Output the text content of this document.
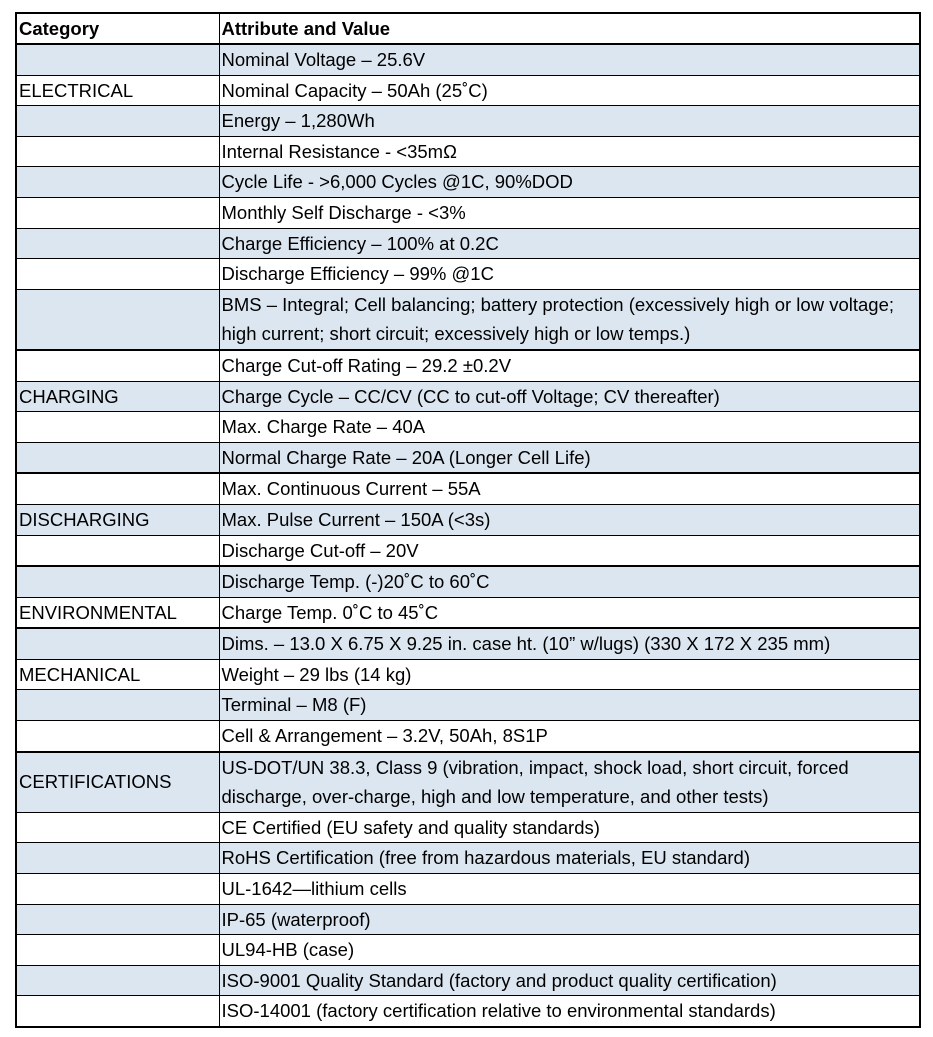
Category	Attribute and Value
	Nominal Voltage – 25.6V
ELECTRICAL	Nominal Capacity – 50Ah (25˚C)
	Energy – 1,280Wh
	Internal Resistance - <35mΩ
	Cycle Life - >6,000 Cycles @1C, 90%DOD
	Monthly Self Discharge - <3%
	Charge Efficiency – 100% at 0.2C
	Discharge Efficiency – 99% @1C
	BMS – Integral; Cell balancing; battery protection (excessively high or low voltage; high current; short circuit; excessively high or low temps.)
	Charge Cut-off Rating – 29.2 ±0.2V
CHARGING	Charge Cycle – CC/CV (CC to cut-off Voltage; CV thereafter)
	Max. Charge Rate – 40A
	Normal Charge Rate – 20A (Longer Cell Life)
	Max. Continuous Current – 55A
DISCHARGING	Max. Pulse Current – 150A (<3s)
	Discharge Cut-off – 20V
	Discharge Temp. (-)20˚C to 60˚C
ENVIRONMENTAL	Charge Temp. 0˚C to 45˚C
	Dims. – 13.0 X 6.75 X 9.25 in. case ht. (10” w/lugs) (330 X 172 X 235 mm)
MECHANICAL	Weight – 29 lbs (14 kg)
	Terminal – M8 (F)
	Cell & Arrangement – 3.2V, 50Ah, 8S1P
CERTIFICATIONS	US-DOT/UN 38.3, Class 9 (vibration, impact, shock load, short circuit, forced discharge, over-charge, high and low temperature, and other tests)
	CE Certified (EU safety and quality standards)
	RoHS Certification (free from hazardous materials, EU standard)
	UL-1642—lithium cells
	IP-65 (waterproof)
	UL94-HB (case)
	ISO-9001 Quality Standard (factory and product quality certification)
	ISO-14001 (factory certification relative to environmental standards)
